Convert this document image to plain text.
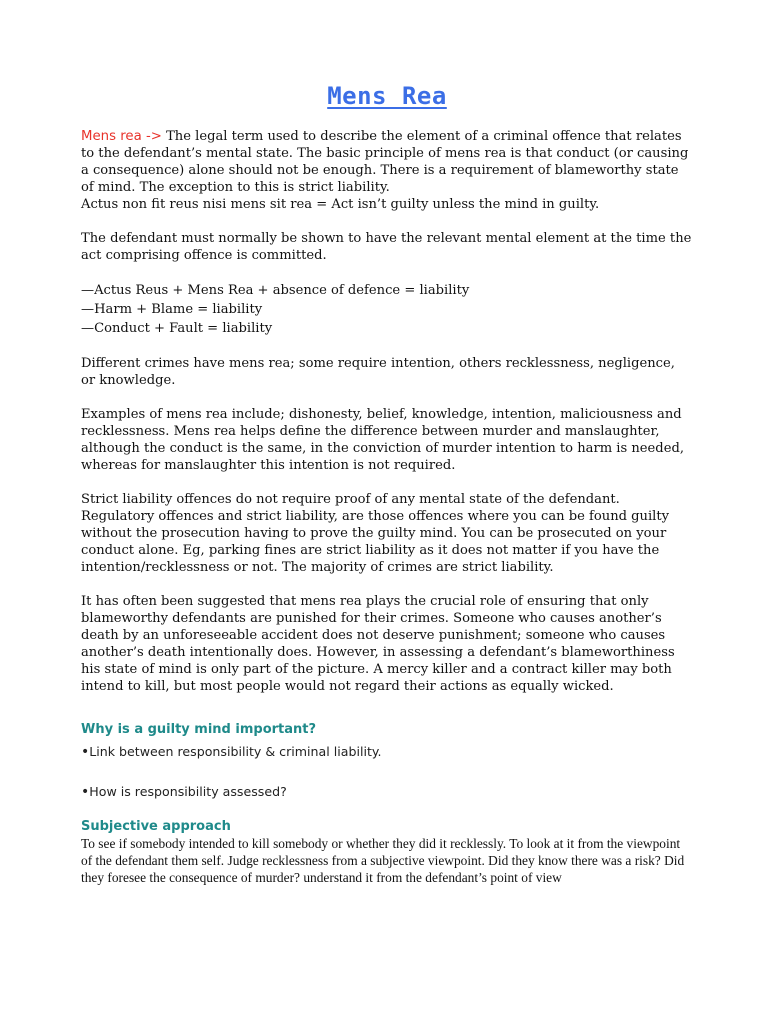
Mens Rea

Mens rea -> The legal term used to describe the element of a criminal offence that relates to the defendant’s mental state. The basic principle of mens rea is that conduct (or causing a consequence) alone should not be enough. There is a requirement of blameworthy state of mind. The exception to this is strict liability.

Actus non fit reus nisi mens sit rea = Act isn’t guilty unless the mind in guilty.

The defendant must normally be shown to have the relevant mental element at the time the act comprising offence is committed.

—Actus Reus + Mens Rea + absence of defence = liability

—Harm + Blame = liability

—Conduct + Fault = liability

Different crimes have mens rea; some require intention, others recklessness, negligence, or knowledge.

Examples of mens rea include; dishonesty, belief, knowledge, intention, maliciousness and recklessness. Mens rea helps define the difference between murder and manslaughter, although the conduct is the same, in the conviction of murder intention to harm is needed, whereas for manslaughter this intention is not required.

Strict liability offences do not require proof of any mental state of the defendant. Regulatory offences and strict liability, are those offences where you can be found guilty without the prosecution having to prove the guilty mind. You can be prosecuted on your conduct alone. Eg, parking fines are strict liability as it does not matter if you have the intention/recklessness or not. The majority of crimes are strict liability.

It has often been suggested that mens rea plays the crucial role of ensuring that only blameworthy defendants are punished for their crimes. Someone who causes another’s death by an unforeseeable accident does not deserve punishment; someone who causes another’s death intentionally does. However, in assessing a defendant’s blameworthiness his state of mind is only part of the picture. A mercy killer and a contract killer may both intend to kill, but most people would not regard their actions as equally wicked.

Why is a guilty mind important?

•Link between responsibility & criminal liability.

•How is responsibility assessed?

Subjective approach

To see if somebody intended to kill somebody or whether they did it recklessly. To look at it from the viewpoint of the defendant them self. Judge recklessness from a subjective viewpoint. Did they know there was a risk? Did they foresee the consequence of murder? understand it from the defendant’s point of view
